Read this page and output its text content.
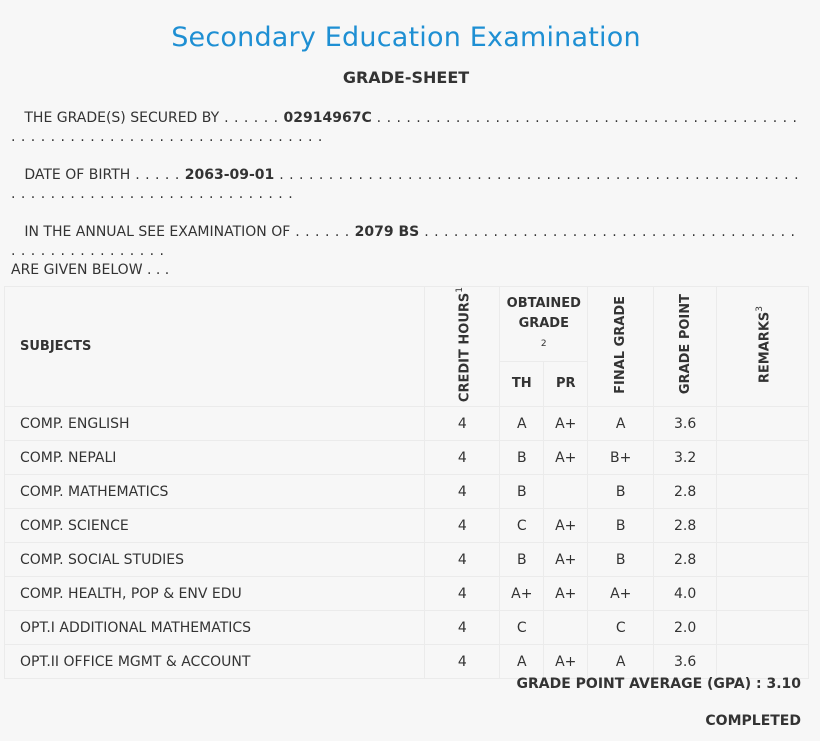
Secondary Education Examination
GRADE-SHEET
THE GRADE(S) SECURED BY . . . . . . 02914967C . . . . . . . . . . . . . . . . . . . . . . . . . . . . . . . . . . . . . . . . . . . . . . . . . . . . . . . . . . . . . . . . . . . . . . . . . . .
DATE OF BIRTH . . . . . 2063-09-01 . . . . . . . . . . . . . . . . . . . . . . . . . . . . . . . . . . . . . . . . . . . . . . . . . . . . . . . . . . . . . . . . . . . . . . . . . . . . . . . . . .
IN THE ANNUAL SEE EXAMINATION OF . . . . . . 2079 BS . . . . . . . . . . . . . . . . . . . . . . . . . . . . . . . . . . . . . . . . . . . . . . . . . . . . . .
ARE GIVEN BELOW . . .
SUBJECTS	CREDIT HOURS$^1$	OBTAINED GRADE$^2$		FINAL GRADE	GRADE POINT	REMARKS$^3$
		TH	PR			
COMP. ENGLISH	4	A	A+	A	3.6	
COMP. NEPALI	4	B	A+	B+	3.2	
COMP. MATHEMATICS	4	B		B	2.8	
COMP. SCIENCE	4	C	A+	B	2.8	
COMP. SOCIAL STUDIES	4	B	A+	B	2.8	
COMP. HEALTH, POP & ENV EDU	4	A+	A+	A+	4.0	
OPT.I ADDITIONAL MATHEMATICS	4	C		C	2.0	
OPT.II OFFICE MGMT & ACCOUNT	4	A	A+	A	3.6	

GRADE POINT AVERAGE (GPA) : 3.10
COMPLETED
